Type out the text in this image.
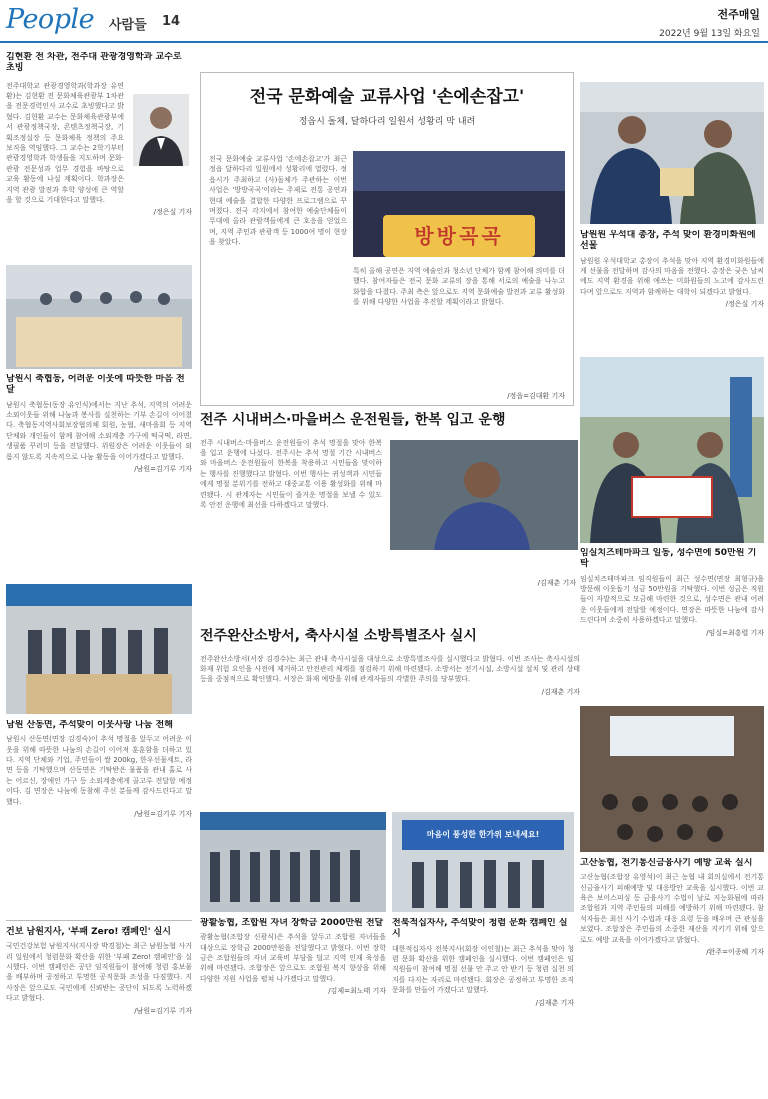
People 사람들 14	전주매일
2022년 9월 13일 화요일
김현환 전 차관, 전주대 관광경영학과 교수로 초빙

전주대학교 관광경영학과(학과장 유연환)는 김현환 전 문화체육관광부 1차관을 전문경력인사 교수로 초빙했다고 밝혔다. 김현환 교수는 문화체육관광부에서 관광정책국장, 콘텐츠정책국장, 기획조정실장 등 문화체육 정책의 주요 보직을 역임했다. 그 교수는 2학기부터 관광경영학과 학생들을 지도하며 문화·관광 전문성과 업무 경험을 바탕으로 교육 활동에 나설 계획이다. 학과장은 지역 관광 발전과 후학 양성에 큰 역할을 할 것으로 기대한다고 말했다.

/정은실 기자
남원시 축협동, 어려운 이웃에 따뜻한 마음 전달

남원시 축협동(동장 유인식)에서는 지난 추석, 지역의 어려운 소외이웃들 위해 나눔과 봉사를 실천하는 기부 손길이 이어졌다. 축협동지역사회보장협의체 회원, 농협, 새마을회 등 지역 단체와 개인들이 함께 참여해 소외계층 가구에 떡국떡, 라면, 생필품 꾸러미 등을 전달했다. 위원장은 어려운 이웃들이 외롭지 않도록 지속적으로 나눔 활동을 이어가겠다고 말했다.

/남원=김기루 기자
남원 산동면, 추석맞이 이웃사랑 나눔 전해

남원시 산동면(면장 김경숙)이 추석 명절을 앞두고 어려운 이웃을 위해 따뜻한 나눔의 손길이 이어져 훈훈함을 더하고 있다. 지역 단체와 기업, 주민들이 쌀 200kg, 한우선물세트, 라면 등을 기탁했으며 산동면은 기탁받은 물품을 관내 홀로 사는 어르신, 장애인 가구 등 소외계층에게 골고루 전달할 예정이다. 김 면장은 나눔에 동참해 주신 분들께 감사드린다고 말했다.

/남원=김기루 기자
건보 남원지사, '부패 Zero! 캠페인' 실시

국민건강보험 남원지사(지사장 박경철)는 최근 남원농협 사거리 일원에서 청렴문화 확산을 위한 '부패 Zero! 캠페인'을 실시했다. 이번 캠페인은 공단 임직원들이 참여해 청렴 홍보물을 배부하며 공정하고 투명한 공직문화 조성을 다짐했다. 지사장은 앞으로도 국민에게 신뢰받는 공단이 되도록 노력하겠다고 밝혔다.

/남원=김기루 기자
전국 문화예술 교류사업 '손에손잡고'
정읍시 돌체, 달하다리 일원서 성황리 막 내려

전국 문화예술 교류사업 '손에손잡고'가 최근 정읍 달하다리 일원에서 성황리에 열렸다. 정읍시가 주최하고 (사)돌체가 주관하는 이번 사업은 '방방곡곡'이라는 주제로 전통 공연과 현대 예술을 결합한 다양한 프로그램으로 꾸며졌다. 전국 각지에서 참여한 예술단체들이 무대에 올라 관람객들에게 큰 호응을 얻었으며, 지역 주민과 관광객 등 1000여 명이 현장을 찾았다.	방방곡곡

특히 올해 공연은 지역 예술인과 청소년 단체가 함께 참여해 의미를 더했다. 참여자들은 전국 문화 교류의 장을 통해 서로의 예술을 나누고 화합을 다졌다. 주최 측은 앞으로도 지역 문화예술 발전과 교류 활성화를 위해 다양한 사업을 추진할 계획이라고 밝혔다.

/정읍=김대환 기자
전주 시내버스·마을버스 운전원들, 한복 입고 운행

전주 시내버스·마을버스 운전원들이 추석 명절을 맞아 한복을 입고 운행에 나섰다. 전주시는 추석 명절 기간 시내버스와 마을버스 운전원들이 한복을 착용하고 시민들을 맞이하는 행사를 진행했다고 밝혔다. 이번 행사는 귀성객과 시민들에게 명절 분위기를 전하고 대중교통 이용 활성화를 위해 마련됐다. 시 관계자는 시민들이 즐거운 명절을 보낼 수 있도록 안전 운행에 최선을 다하겠다고 말했다.

/김재춘 기자
전주완산소방서, 축사시설 소방특별조사 실시

전주완산소방서(서장 김경수)는 최근 관내 축사시설을 대상으로 소방특별조사를 실시했다고 밝혔다. 이번 조사는 축사시설의 화재 위험 요인을 사전에 제거하고 안전관리 체계를 점검하기 위해 마련됐다. 소방서는 전기시설, 소방시설 설치 및 관리 상태 등을 중점적으로 확인했다. 서장은 화재 예방을 위해 관계자들의 각별한 주의를 당부했다.

/김재춘 기자
광활농협, 조합원 자녀 장학금 2000만원 전달

광활농협(조합장 신광식)은 추석을 앞두고 조합원 자녀들을 대상으로 장학금 2000만원을 전달했다고 밝혔다. 이번 장학금은 조합원들의 자녀 교육비 부담을 덜고 지역 인재 육성을 위해 마련됐다. 조합장은 앞으로도 조합원 복지 향상을 위해 다양한 지원 사업을 펼쳐 나가겠다고 말했다.

/김제=최노태 기자
마음이 풍성한 한가위 보내세요!
전북적십자사, 추석맞이 청렴 문화 캠페인 실시

대한적십자사 전북지사(회장 이인철)는 최근 추석을 맞아 청렴 문화 확산을 위한 캠페인을 실시했다. 이번 캠페인은 임직원들이 참여해 명절 선물 안 주고 안 받기 등 청렴 실천 의지를 다지는 자리로 마련됐다. 회장은 공정하고 투명한 조직 문화를 만들어 가겠다고 말했다.

/김재춘 기자
남원원 우석대 총장, 추석 맞이 환경미화원에 선물

남원원 우석대학교 총장이 추석을 맞아 지역 환경미화원들에게 선물을 전달하며 감사의 마음을 전했다. 총장은 궂은 날씨에도 지역 환경을 위해 애쓰는 미화원들의 노고에 감사드린다며 앞으로도 지역과 함께하는 대학이 되겠다고 밝혔다.

/정은실 기자
임실치즈테마파크 일동, 성수면에 50만원 기탁

임실치즈테마파크 임직원들이 최근 성수면(면장 최형규)을 방문해 이웃돕기 성금 50만원을 기탁했다. 이번 성금은 직원들이 자발적으로 모금해 마련한 것으로, 성수면은 관내 어려운 이웃들에게 전달할 예정이다. 면장은 따뜻한 나눔에 감사드린다며 소중히 사용하겠다고 말했다.

/임실=최흥렬 기자
고산농협, 전기통신금융사기 예방 교육 실시

고산농협(조합장 유영석)이 최근 농협 내 회의실에서 전기통신금융사기 피해예방 및 대응방안 교육을 실시했다. 이번 교육은 보이스피싱 등 금융사기 수법이 날로 지능화됨에 따라 조합원과 지역 주민들의 피해를 예방하기 위해 마련됐다. 참석자들은 최신 사기 수법과 대응 요령 등을 배우며 큰 관심을 보였다. 조합장은 주민들의 소중한 재산을 지키기 위해 앞으로도 예방 교육을 이어가겠다고 밝혔다.

/완주=이종혜 기자
